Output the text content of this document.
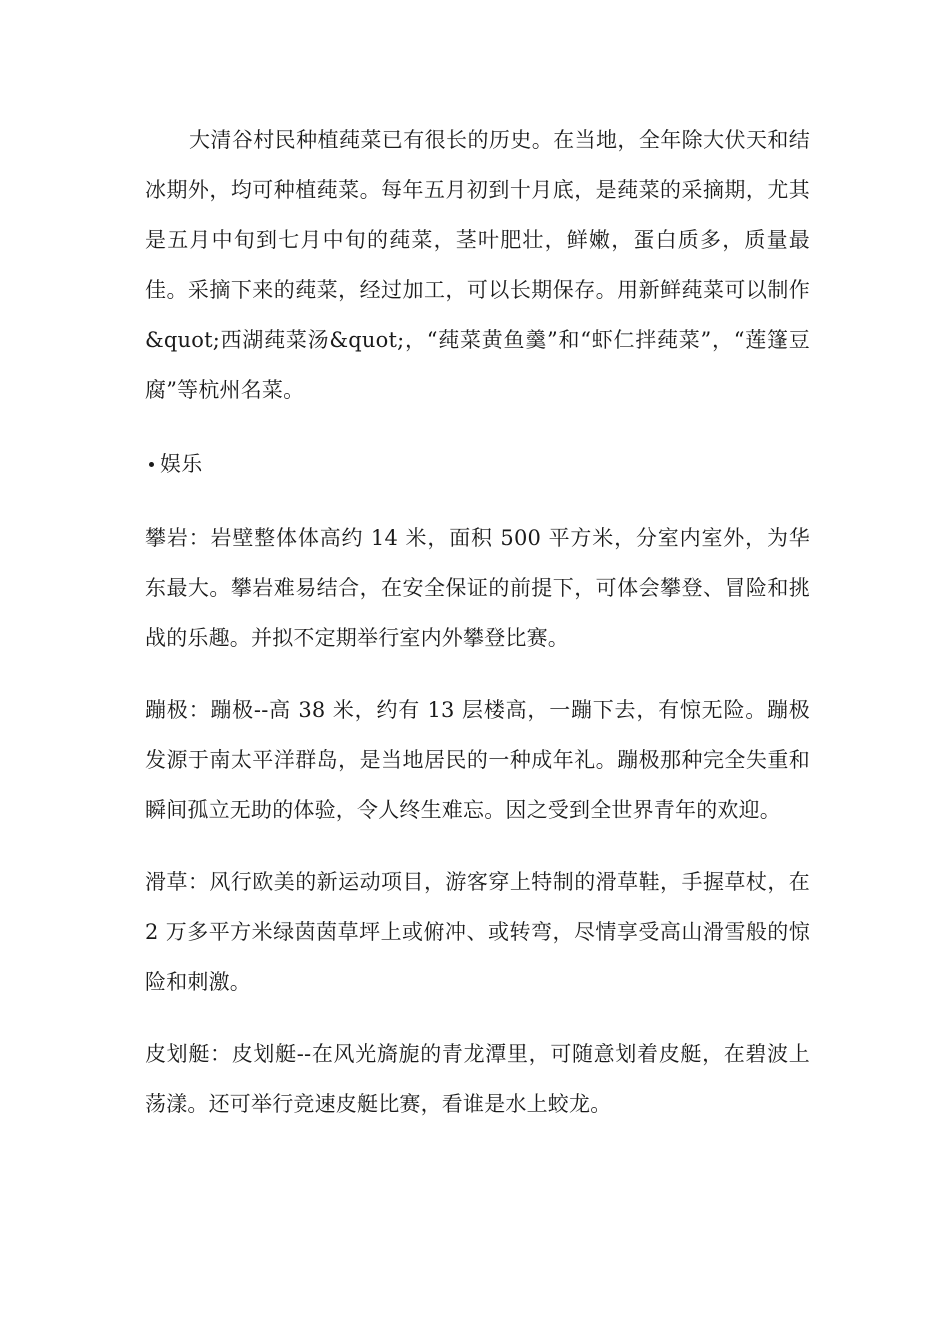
大清谷村民种植莼菜已有很长的历史。在当地，全年除大伏天和结冰期外，均可种植莼菜。每年五月初到十月底，是莼菜的采摘期，尤其是五月中旬到七月中旬的莼菜，茎叶肥壮，鲜嫩，蛋白质多，质量最佳。采摘下来的莼菜，经过加工，可以长期保存。用新鲜莼菜可以制作&quot;西湖莼菜汤&quot;，“莼菜黄鱼羹”和“虾仁拌莼菜”，“莲篷豆腐”等杭州名菜。

娱乐

攀岩：岩壁整体体高约 14 米，面积 500 平方米，分室内室外，为华东最大。攀岩难易结合，在安全保证的前提下，可体会攀登、冒险和挑战的乐趣。并拟不定期举行室内外攀登比赛。

蹦极：蹦极--高 38 米，约有 13 层楼高，一蹦下去，有惊无险。蹦极发源于南太平洋群岛，是当地居民的一种成年礼。蹦极那种完全失重和瞬间孤立无助的体验，令人终生难忘。因之受到全世界青年的欢迎。

滑草：风行欧美的新运动项目，游客穿上特制的滑草鞋，手握草杖，在 2 万多平方米绿茵茵草坪上或俯冲、或转弯，尽情享受高山滑雪般的惊险和刺激。

皮划艇：皮划艇--在风光旖旎的青龙潭里，可随意划着皮艇，在碧波上荡漾。还可举行竞速皮艇比赛，看谁是水上蛟龙。
